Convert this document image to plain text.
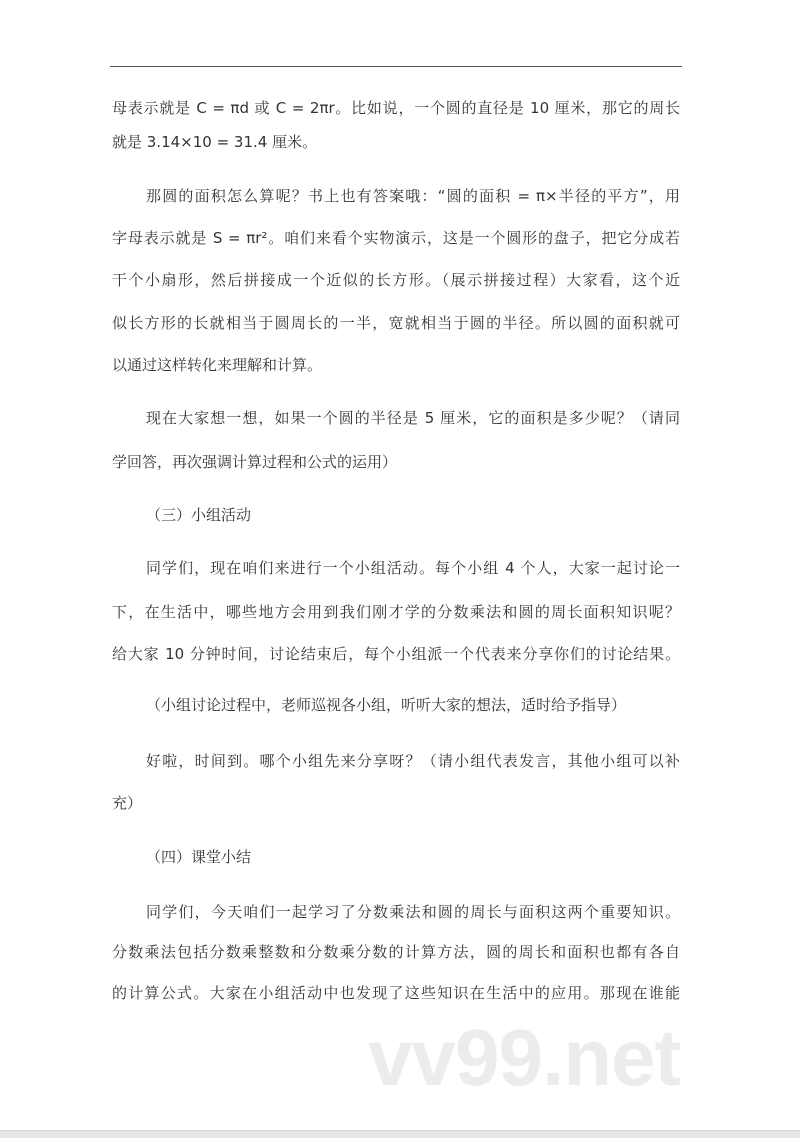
母表示就是 C = πd 或 C = 2πr。比如说，一个圆的直径是 10 厘米，那它的周长
就是 3.14×10 = 31.4 厘米。
那圆的面积怎么算呢？书上也有答案哦：“圆的面积 = π×半径的平方”，用
字母表示就是 S = πr²。咱们来看个实物演示，这是一个圆形的盘子，把它分成若
干个小扇形，然后拼接成一个近似的长方形。（展示拼接过程）大家看，这个近
似长方形的长就相当于圆周长的一半，宽就相当于圆的半径。所以圆的面积就可
以通过这样转化来理解和计算。
现在大家想一想，如果一个圆的半径是 5 厘米，它的面积是多少呢？（请同
学回答，再次强调计算过程和公式的运用）
（三）小组活动
同学们，现在咱们来进行一个小组活动。每个小组 4 个人，大家一起讨论一
下，在生活中，哪些地方会用到我们刚才学的分数乘法和圆的周长面积知识呢？
给大家 10 分钟时间，讨论结束后，每个小组派一个代表来分享你们的讨论结果。
（小组讨论过程中，老师巡视各小组，听听大家的想法，适时给予指导）
好啦，时间到。哪个小组先来分享呀？（请小组代表发言，其他小组可以补
充）
（四）课堂小结
同学们，今天咱们一起学习了分数乘法和圆的周长与面积这两个重要知识。
分数乘法包括分数乘整数和分数乘分数的计算方法，圆的周长和面积也都有各自
的计算公式。大家在小组活动中也发现了这些知识在生活中的应用。那现在谁能
vv99.net
